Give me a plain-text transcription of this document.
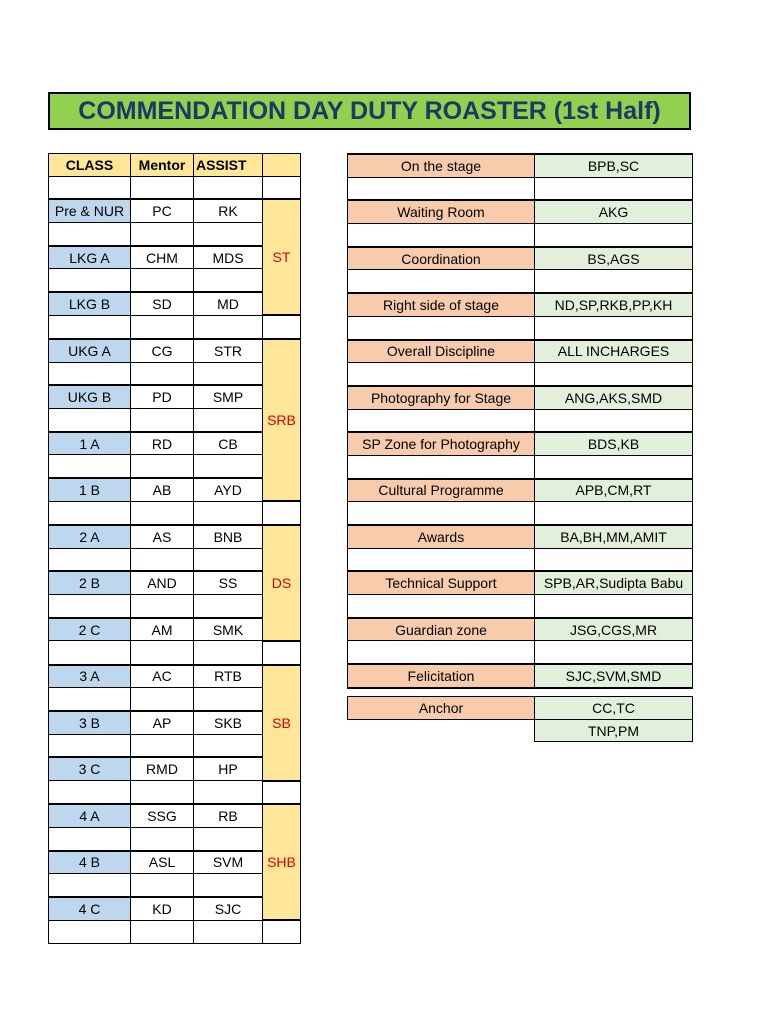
COMMENDATION DAY DUTY ROASTER (1st Half)
CLASS	Mentor	ASSIST	

Pre & NUR	PC	RK	ST

LKG A	CHM	MDS	

LKG B	SD	MD	

UKG A	CG	STR	SRB

UKG B	PD	SMP	

1 A	RD	CB	

1 B	AB	AYD	

2 A	AS	BNB	DS

2 B	AND	SS	

2 C	AM	SMK	

3 A	AC	RTB	SB

3 B	AP	SKB	

3 C	RMD	HP	

4 A	SSG	RB	SHB

4 B	ASL	SVM	

4 C	KD	SJC	

On the stage	BPB,SC

Waiting Room	AKG

Coordination	BS,AGS

Right side of stage	ND,SP,RKB,PP,KH

Overall Discipline	ALL INCHARGES

Photography for Stage	ANG,AKS,SMD

SP Zone for Photography	BDS,KB

Cultural Programme	APB,CM,RT

Awards	BA,BH,MM,AMIT

Technical Support	SPB,AR,Sudipta Babu

Guardian zone	JSG,CGS,MR

Felicitation	SJC,SVM,SMD
Anchor	CC,TC
	TNP,PM
